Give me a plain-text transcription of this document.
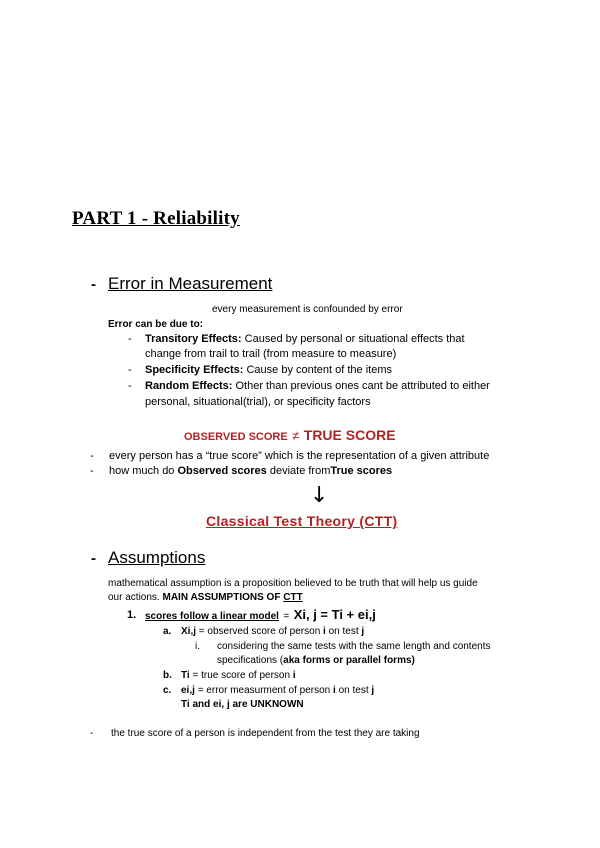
PART 1 - Reliability
- Error in Measurement
every measurement is confounded by error
Error can be due to:
- Transitory Effects: Caused by personal or situational effects that
change from trail to trail (from measure to measure)
- Specificity Effects: Cause by content of the items
- Random Effects: Other than previous ones cant be attributed to either
personal, situational(trial), or specificity factors
OBSERVED SCORE ≠ TRUE SCORE
- every person has a “true score” which is the representation of a given attribute
- how much do Observed scores deviate fromTrue scores
↓
Classical Test Theory (CTT)
- Assumptions
mathematical assumption is a proposition believed to be truth that will help us guide
our actions. MAIN ASSUMPTIONS OF CTT
1. scores follow a linear model = Xi, j = Ti + ei,j
a. Xi,j = observed score of person i on test j
i. considering the same tests with the same length and contents
specifications (aka forms or parallel forms)
b. Ti = true score of person i
c. ei,j = error measurment of person i on test j
Ti and ei, j are UNKNOWN
- the true score of a person is independent from the test they are taking
